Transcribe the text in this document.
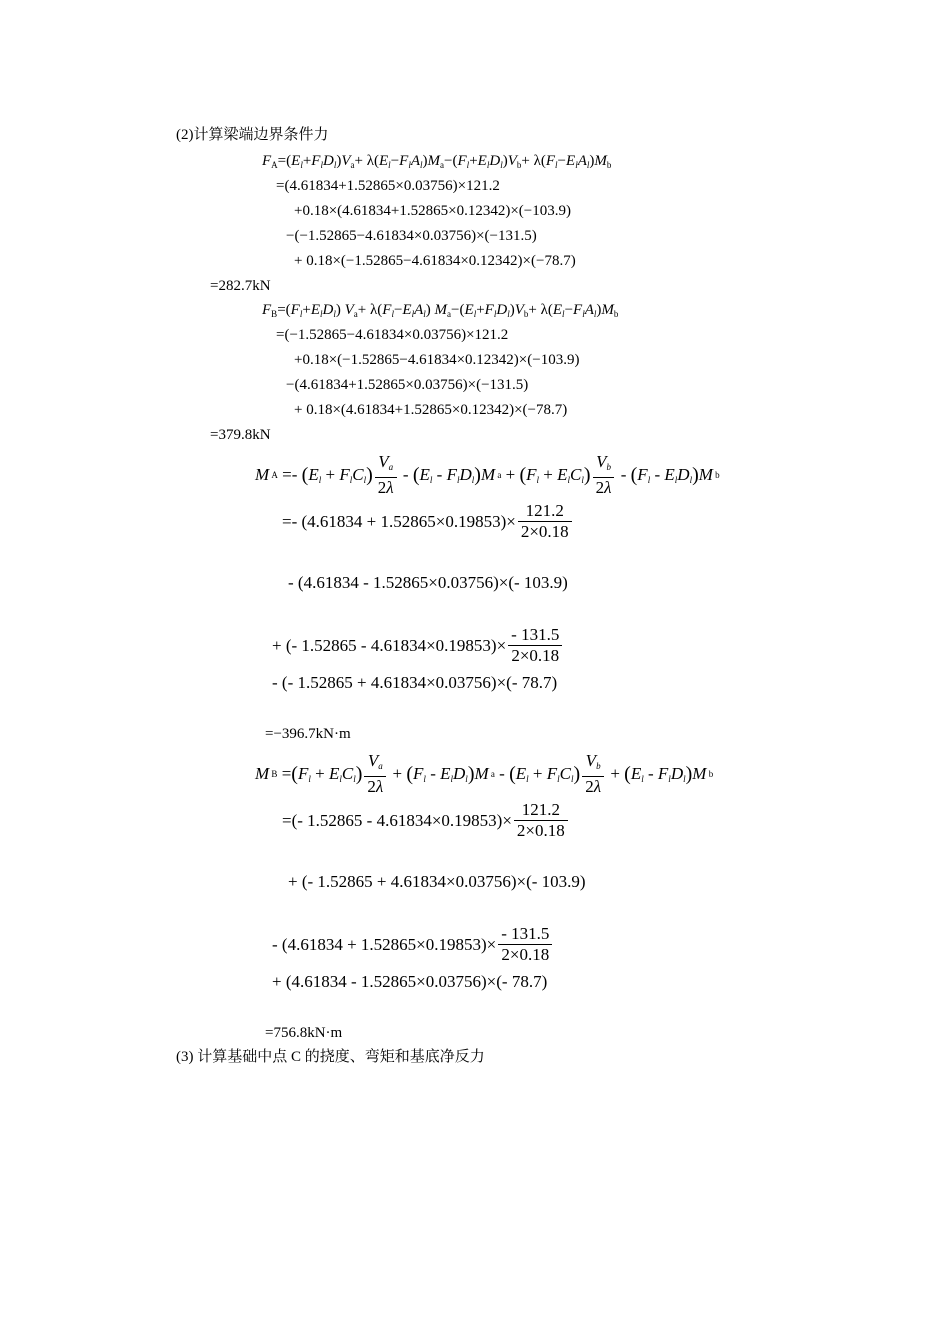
(2)计算梁端边界条件力
$F_A=(E_l+F_lD_l)V_a+ \lambda(E_l-F_lA_l)M_a-(F_l+E_lD_l)V_b+ \lambda(F_l-E_lA_l)M_b$
=(4.61834+1.52865×0.03756)×121.2
+0.18×(4.61834+1.52865×0.12342)×(−103.9)
−(−1.52865−4.61834×0.03756)×(−131.5)
+ 0.18×(−1.52865−4.61834×0.12342)×(−78.7)
=282.7kN
$F_B=(F_l+E_lD_l)$ $V_a+ \lambda(F_l-E_lA_l)$ $M_a-(E_l+F_lD_l)V_b+ \lambda(E_l-F_lA_l)M_b$
=(−1.52865−4.61834×0.03756)×121.2
+0.18×(−1.52865−4.61834×0.12342)×(−103.9)
−(4.61834+1.52865×0.03756)×(−131.5)
+ 0.18×(4.61834+1.52865×0.12342)×(−78.7)
=379.8kN
M A =- ( $E_l + F_lC_l$ ) $\frac{V_a}{2\lambda}$ - ( $E_l - F_lD_l$ ) M a + ( $F_l + E_lC_l$ ) $\frac{V_b}{2\lambda}$ - ( $F_l - E_lD_l$ ) M b
=- $(4.61834 + 1.52865\times 0.19853)\times \frac{121.2}{2\times 0.18}$
- (4.61834 - 1.52865×0.03756)×(- 103.9)
+ (- $1.52865 - 4.61834\times 0.19853)\times \frac{- 131.5}{2\times 0.18}$
- (- 1.52865 + 4.61834×0.03756)×(- 78.7)
=−396.7kN·m
M B = ( $F_l + E_lC_l$ ) $\frac{V_a}{2\lambda}$ + ( $F_l - E_lD_l$ ) M a - ( $E_l + F_lC_l$ ) $\frac{V_b}{2\lambda}$ + ( $E_l - F_lD_l$ ) M b
=(- $1.52865 - 4.61834\times 0.19853)\times \frac{121.2}{2\times 0.18}$
+ (- 1.52865 + 4.61834×0.03756)×(- 103.9)
- $(4.61834 + 1.52865\times 0.19853)\times \frac{- 131.5}{2\times 0.18}$
+ (4.61834 - 1.52865×0.03756)×(- 78.7)
=756.8kN·m
(3) 计算基础中点 C 的挠度、弯矩和基底净反力
